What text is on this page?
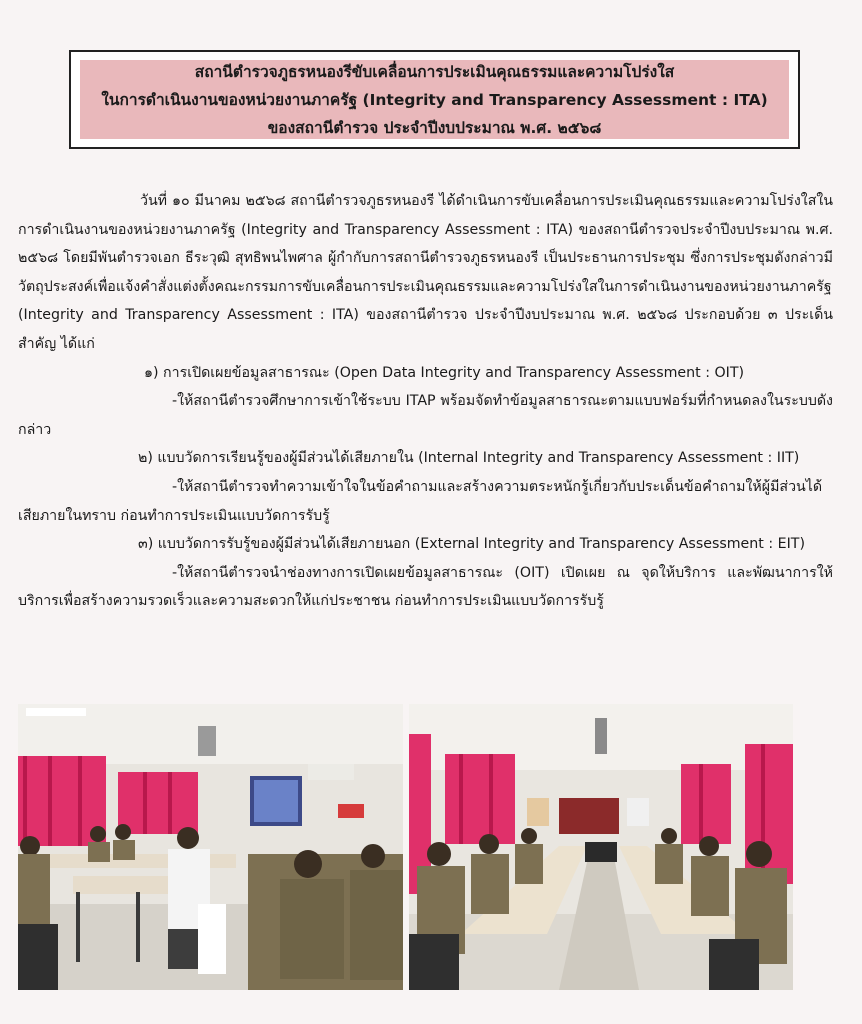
สถานีตำรวจภูธรหนองรีขับเคลื่อนการประเมินคุณธรรมและความโปร่งใส
ในการดำเนินงานของหน่วยงานภาครัฐ (Integrity and Transparency Assessment : ITA)
ของสถานีตำรวจ ประจำปีงบประมาณ พ.ศ. ๒๕๖๘

วันที่ ๑๐ มีนาคม ๒๕๖๘ สถานีตำรวจภูธรหนองรี ได้ดำเนินการขับเคลื่อนการประเมินคุณธรรมและความโปร่งใสในการดำเนินงานของหน่วยงานภาครัฐ (Integrity and Transparency Assessment : ITA) ของสถานีตำรวจประจำปีงบประมาณ พ.ศ. ๒๕๖๘ โดยมีพันตำรวจเอก ธีระวุฒิ สุทธิพนไพศาล ผู้กำกับการสถานีตำรวจภูธรหนองรี เป็นประธานการประชุม ซึ่งการประชุมดังกล่าวมีวัตถุประสงค์เพื่อแจ้งคำสั่งแต่งตั้งคณะกรรมการขับเคลื่อนการประเมินคุณธรรมและความโปร่งใสในการดำเนินงานของหน่วยงานภาครัฐ (Integrity and Transparency Assessment : ITA) ของสถานีตำรวจ ประจำปีงบประมาณ พ.ศ. ๒๕๖๘ ประกอบด้วย ๓ ประเด็นสำคัญ ได้แก่

๑) การเปิดเผยข้อมูลสาธารณะ (Open Data Integrity and Transparency Assessment : OIT)

-ให้สถานีตำรวจศึกษาการเข้าใช้ระบบ ITAP พร้อมจัดทำข้อมูลสาธารณะตามแบบฟอร์มที่กำหนดลงในระบบดังกล่าว

๒) แบบวัดการเรียนรู้ของผู้มีส่วนได้เสียภายใน (Internal Integrity and Transparency Assessment : IIT)

-ให้สถานีตำรวจทำความเข้าใจในข้อคำถามและสร้างความตระหนักรู้เกี่ยวกับประเด็นข้อคำถามให้ผู้มีส่วนได้เสียภายในทราบ ก่อนทำการประเมินแบบวัดการรับรู้

๓) แบบวัดการรับรู้ของผู้มีส่วนได้เสียภายนอก (External Integrity and Transparency Assessment : EIT)

-ให้สถานีตำรวจนำช่องทางการเปิดเผยข้อมูลสาธารณะ (OIT) เปิดเผย ณ จุดให้บริการ และพัฒนาการให้บริการเพื่อสร้างความรวดเร็วและความสะดวกให้แก่ประชาชน ก่อนทำการประเมินแบบวัดการรับรู้
